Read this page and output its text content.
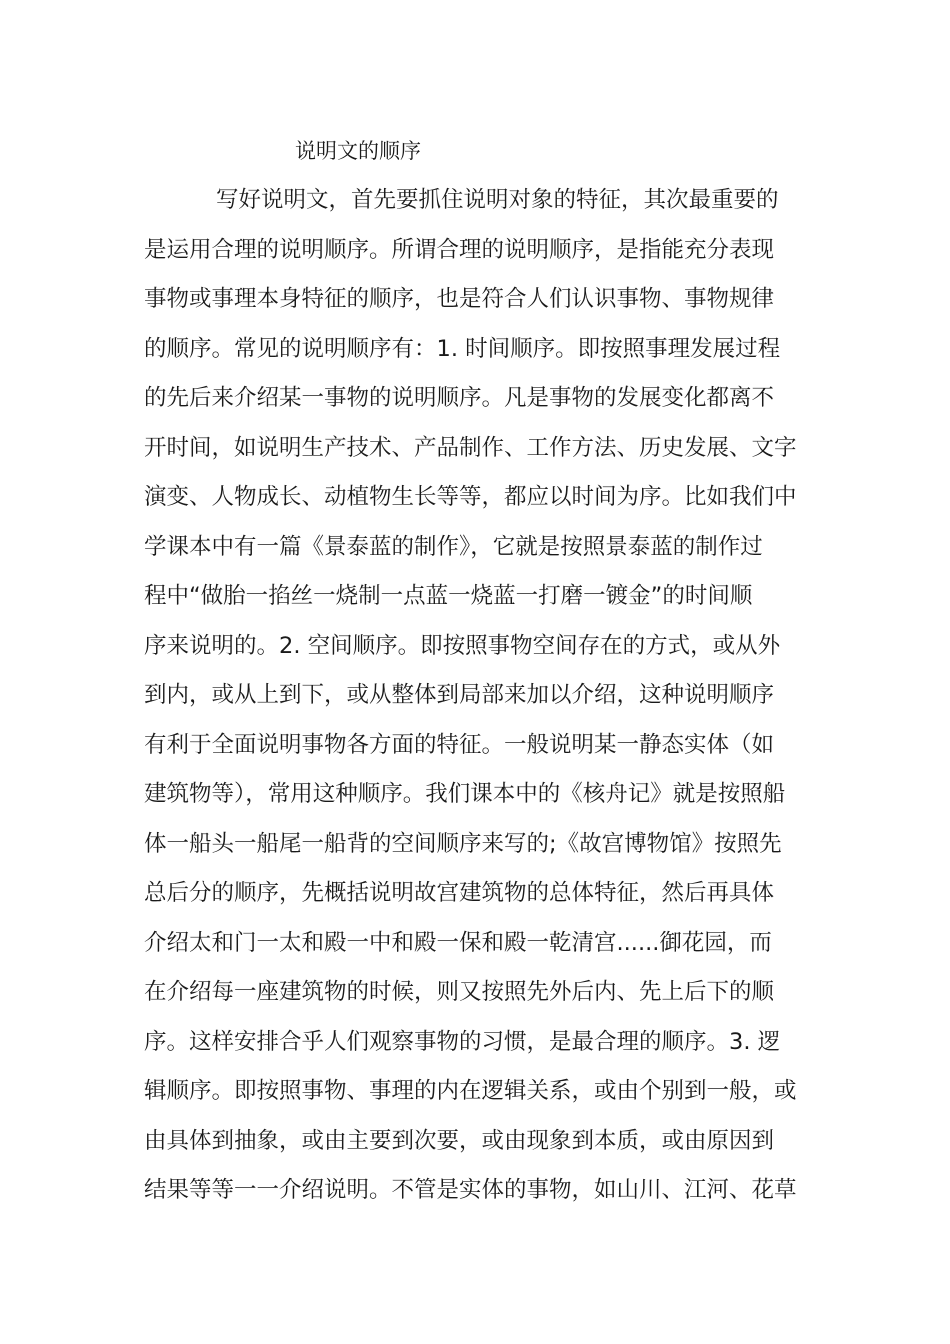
说明文的顺序
写好说明文，首先要抓住说明对象的特征，其次最重要的
是运用合理的说明顺序。所谓合理的说明顺序，是指能充分表现
事物或事理本身特征的顺序，也是符合人们认识事物、事物规律
的顺序。常见的说明顺序有：1. 时间顺序。即按照事理发展过程
的先后来介绍某一事物的说明顺序。凡是事物的发展变化都离不
开时间，如说明生产技术、产品制作、工作方法、历史发展、文字
演变、人物成长、动植物生长等等，都应以时间为序。比如我们中
学课本中有一篇《景泰蓝的制作》，它就是按照景泰蓝的制作过
程中“做胎一掐丝一烧制一点蓝一烧蓝一打磨一镀金”的时间顺
序来说明的。2. 空间顺序。即按照事物空间存在的方式，或从外
到内，或从上到下，或从整体到局部来加以介绍，这种说明顺序
有利于全面说明事物各方面的特征。一般说明某一静态实体（如
建筑物等），常用这种顺序。我们课本中的《核舟记》就是按照船
体一船头一船尾一船背的空间顺序来写的;《故宫博物馆》按照先
总后分的顺序，先概括说明故宫建筑物的总体特征，然后再具体
介绍太和门一太和殿一中和殿一保和殿一乾清宫......御花园，而
在介绍每一座建筑物的时候，则又按照先外后内、先上后下的顺
序。这样安排合乎人们观察事物的习惯，是最合理的顺序。3. 逻
辑顺序。即按照事物、事理的内在逻辑关系，或由个别到一般，或
由具体到抽象，或由主要到次要，或由现象到本质，或由原因到
结果等等一一介绍说明。不管是实体的事物，如山川、江河、花草
